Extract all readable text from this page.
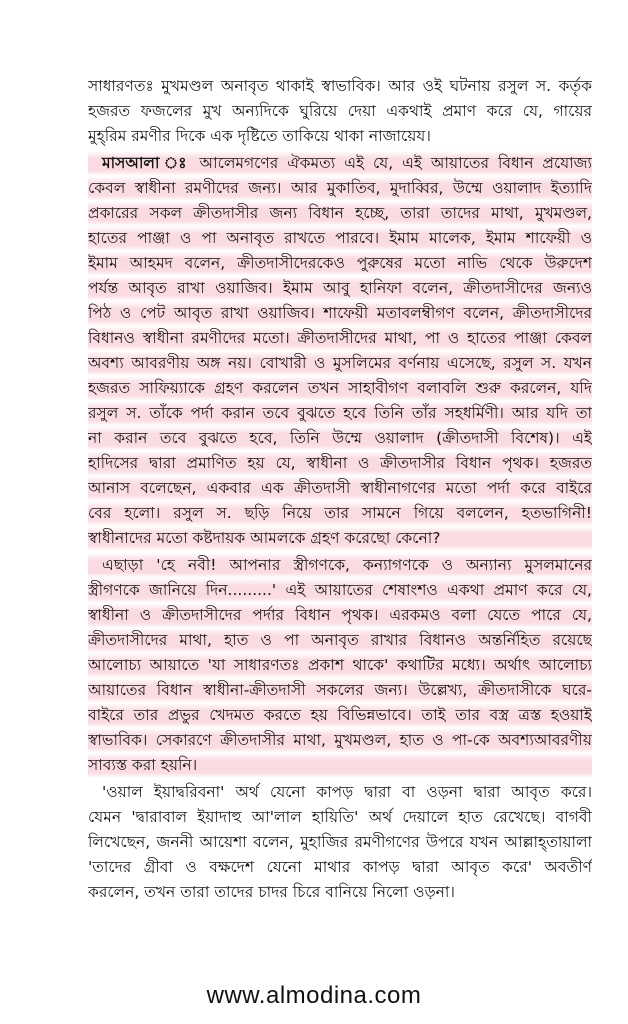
সাধারণতঃ মুখমণ্ডল অনাবৃত থাকাই স্বাভাবিক। আর ওই ঘটনায় রসুল স. কর্তৃক
হজরত ফজলের মুখ অন্যদিকে ঘুরিয়ে দেয়া একথাই প্রমাণ করে যে, গায়ের
মুহ্‌রিম রমণীর দিকে এক দৃষ্টিতে তাকিয়ে থাকা নাজায়েয।
মাসআলা ঃ আলেমগণের ঐকমত্য এই যে, এই আয়াতের বিধান প্রযোজ্য
কেবল স্বাধীনা রমণীদের জন্য। আর মুকাতিব, মুদাব্বির, উম্মে ওয়ালাদ ইত্যাদি
প্রকারের সকল ক্রীতদাসীর জন্য বিধান হচ্ছে, তারা তাদের মাথা, মুখমণ্ডল,
হাতের পাঞ্জা ও পা অনাবৃত রাখতে পারবে। ইমাম মালেক, ইমাম শাফেয়ী ও
ইমাম আহমদ বলেন, ক্রীতদাসীদেরকেও পুরুষের মতো নাভি থেকে উরুদেশ
পর্যন্ত আবৃত রাখা ওয়াজিব। ইমাম আবু হানিফা বলেন, ক্রীতদাসীদের জন্যও
পিঠ ও পেট আবৃত রাখা ওয়াজিব। শাফেয়ী মতাবলম্বীগণ বলেন, ক্রীতদাসীদের
বিধানও স্বাধীনা রমণীদের মতো। ক্রীতদাসীদের মাথা, পা ও হাতের পাঞ্জা কেবল
অবশ্য আবরণীয় অঙ্গ নয়। বোখারী ও মুসলিমের বর্ণনায় এসেছে, রসুল স. যখন
হজরত সাফিয়্যাকে গ্রহণ করলেন তখন সাহাবীগণ বলাবলি শুরু করলেন, যদি
রসুল স. তাঁকে পর্দা করান তবে বুঝতে হবে তিনি তাঁর সহধর্মিণী। আর যদি তা
না করান তবে বুঝতে হবে, তিনি উম্মে ওয়ালাদ (ক্রীতদাসী বিশেষ)। এই
হাদিসের দ্বারা প্রমাণিত হয় যে, স্বাধীনা ও ক্রীতদাসীর বিধান পৃথক। হজরত
আনাস বলেছেন, একবার এক ক্রীতদাসী স্বাধীনাগণের মতো পর্দা করে বাইরে
বের হলো। রসুল স. ছড়ি নিয়ে তার সামনে গিয়ে বললেন, হতভাগিনী!
স্বাধীনাদের মতো কষ্টদায়ক আমলকে গ্রহণ করেছো কেনো?
এছাড়া 'হে নবী! আপনার স্ত্রীগণকে, কন্যাগণকে ও অন্যান্য মুসলমানের
স্ত্রীগণকে জানিয়ে দিন.........' এই আয়াতের শেষাংশও একথা প্রমাণ করে যে,
স্বাধীনা ও ক্রীতদাসীদের পর্দার বিধান পৃথক। এরকমও বলা যেতে পারে যে,
ক্রীতদাসীদের মাথা, হাত ও পা অনাবৃত রাখার বিধানও অন্তর্নিহিত রয়েছে
আলোচ্য আয়াতে 'যা সাধারণতঃ প্রকাশ থাকে' কথাটির মধ্যে। অর্থাৎ আলোচ্য
আয়াতের বিধান স্বাধীনা-ক্রীতদাসী সকলের জন্য। উল্লেখ্য, ক্রীতদাসীকে ঘরে-
বাইরে তার প্রভুর খেদমত করতে হয় বিভিন্নভাবে। তাই তার বস্ত্র ত্রস্ত হওয়াই
স্বাভাবিক। সেকারণে ক্রীতদাসীর মাথা, মুখমণ্ডল, হাত ও পা-কে অবশ্যআবরণীয়
সাব্যস্ত করা হয়নি।
'ওয়াল ইয়াদ্বরিবনা' অর্থ যেনো কাপড় দ্বারা বা ওড়না দ্বারা আবৃত করে।
যেমন 'দ্বারাবাল ইয়াদাহু আ'লাল হায়িতি' অর্থ দেয়ালে হাত রেখেছে। বাগবী
লিখেছেন, জননী আয়েশা বলেন, মুহাজির রমণীগণের উপরে যখন আল্লাহ্‌তায়ালা
'তাদের গ্রীবা ও বক্ষদেশ যেনো মাথার কাপড় দ্বারা আবৃত করে' অবতীর্ণ
করলেন, তখন তারা তাদের চাদর চিরে বানিয়ে নিলো ওড়না।
www.almodina.com
